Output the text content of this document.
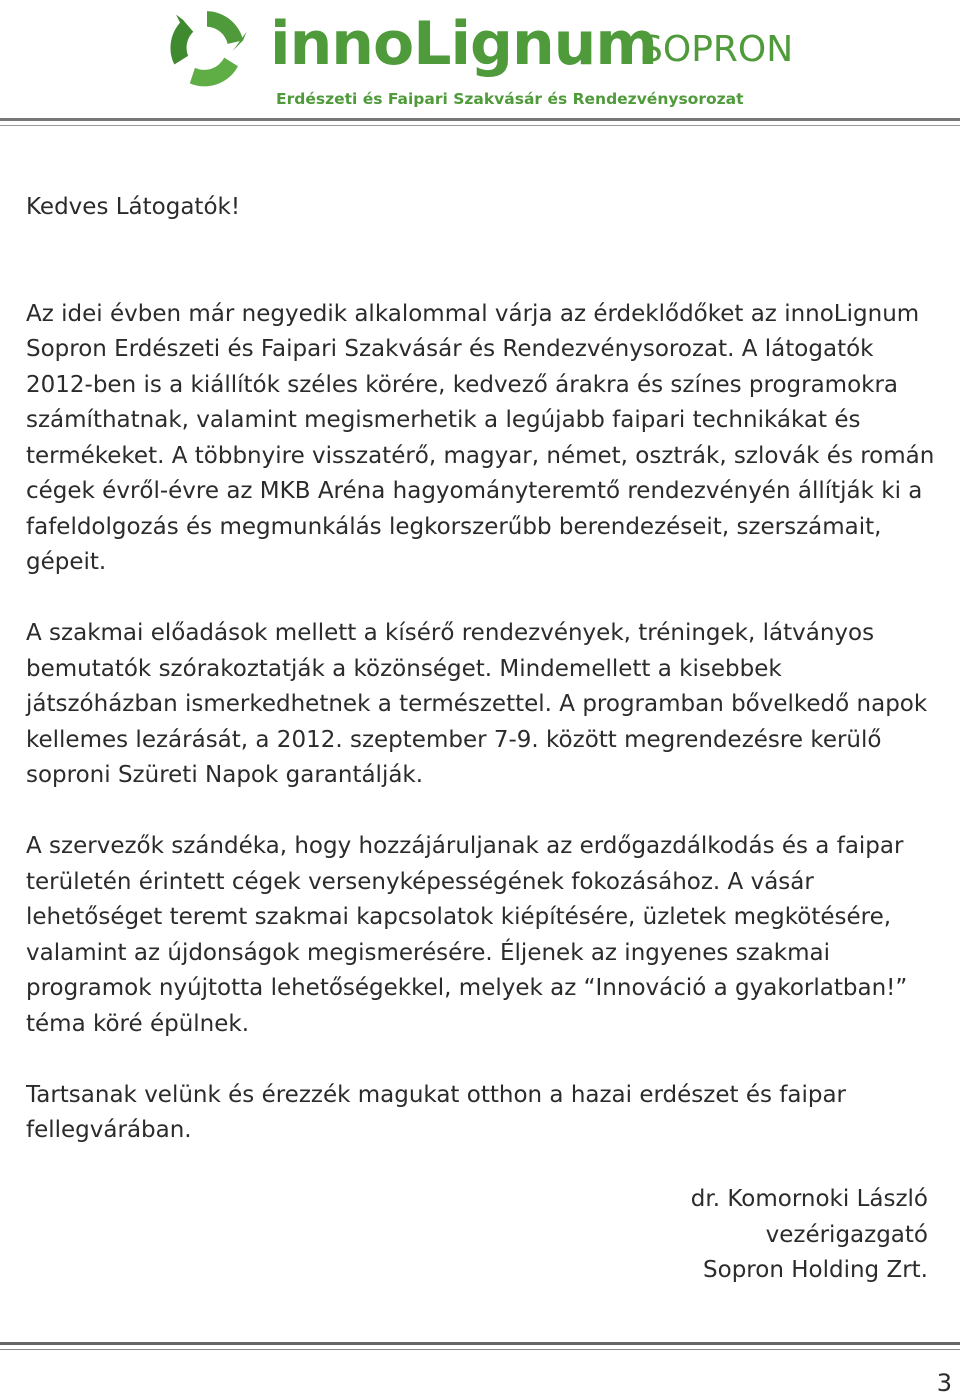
innoLignum
SOPRON
Erdészeti és Faipari Szakvásár és Rendezvénysorozat

Kedves Látogatók!

Az idei évben már negyedik alkalommal várja az érdeklődőket az innoLignum Sopron Erdészeti és Faipari Szakvásár és Rendezvénysorozat. A látogatók 2012-ben is a kiállítók széles körére, kedvező árakra és színes programokra számíthatnak, valamint megismerhetik a legújabb faipari technikákat és termékeket. A többnyire visszatérő, magyar, német, osztrák, szlovák és román cégek évről-évre az MKB Aréna hagyományteremtő rendezvényén állítják ki a fafeldolgozás és megmunkálás legkorszerűbb berendezéseit, szerszámait, gépeit.

A szakmai előadások mellett a kísérő rendezvények, tréningek, látványos bemutatók szórakoztatják a közönséget. Mindemellett a kisebbek játszóházban ismerkedhetnek a természettel. A programban bővelkedő napok kellemes lezárását, a 2012. szeptember 7-9. között megrendezésre kerülő soproni Szüreti Napok garantálják.

A szervezők szándéka, hogy hozzájáruljanak az erdőgazdálkodás és a faipar területén érintett cégek versenyképességének fokozásához. A vásár lehetőséget teremt szakmai kapcsolatok kiépítésére, üzletek megkötésére, valamint az újdonságok megismerésére. Éljenek az ingyenes szakmai programok nyújtotta lehetőségekkel, melyek az “Innováció a gyakorlatban!” téma köré épülnek.

Tartsanak velünk és érezzék magukat otthon a hazai erdészet és faipar fellegvárában.

dr. Komornoki László
vezérigazgató
Sopron Holding Zrt.
3
